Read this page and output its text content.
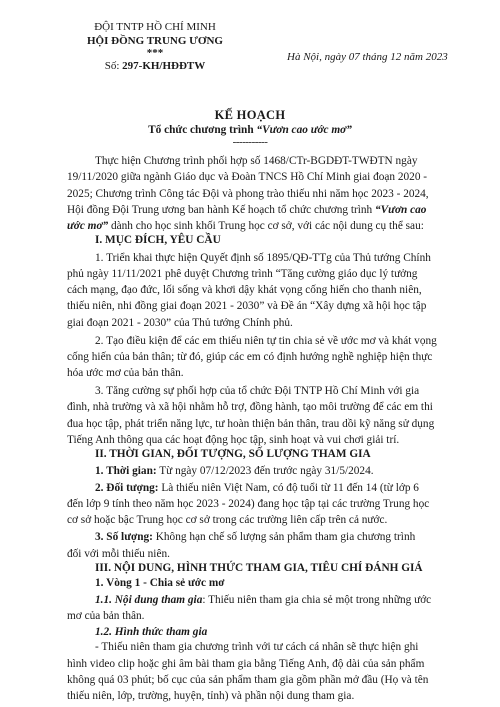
ĐỘI TNTP HỒ CHÍ MINH
HỘI ĐỒNG TRUNG ƯƠNG
***
Số: 297-KH/HĐĐTW
Hà Nội, ngày 07 tháng 12 năm 2023
KẾ HOẠCH
Tổ chức chương trình “Vươn cao ước mơ”
-----------
Thực hiện Chương trình phối hợp số 1468/CTr-BGDĐT-TWĐTN ngày
19/11/2020 giữa ngành Giáo dục và Đoàn TNCS Hồ Chí Minh giai đoạn 2020 -
2025; Chương trình Công tác Đội và phong trào thiếu nhi năm học 2023 - 2024,
Hội đồng Đội Trung ương ban hành Kế hoạch tổ chức chương trình “Vươn cao
ước mơ” dành cho học sinh khối Trung học cơ sở, với các nội dung cụ thể sau:
I. MỤC ĐÍCH, YÊU CẦU
1. Triển khai thực hiện Quyết định số 1895/QĐ-TTg của Thủ tướng Chính
phủ ngày 11/11/2021 phê duyệt Chương trình “Tăng cường giáo dục lý tưởng
cách mạng, đạo đức, lối sống và khơi dậy khát vọng cống hiến cho thanh niên,
thiếu niên, nhi đồng giai đoạn 2021 - 2030” và Đề án “Xây dựng xã hội học tập
giai đoạn 2021 - 2030” của Thủ tướng Chính phủ.
2. Tạo điều kiện để các em thiếu niên tự tin chia sẻ về ước mơ và khát vọng
cống hiến của bản thân; từ đó, giúp các em có định hướng nghề nghiệp hiện thực
hóa ước mơ của bản thân.
3. Tăng cường sự phối hợp của tổ chức Đội TNTP Hồ Chí Minh với gia
đình, nhà trường và xã hội nhằm hỗ trợ, đồng hành, tạo môi trường để các em thi
đua học tập, phát triển năng lực, tư hoàn thiện bản thân, trau dồi kỹ năng sử dụng
Tiếng Anh thông qua các hoạt động học tập, sinh hoạt và vui chơi giải trí.
II. THỜI GIAN, ĐỐI TƯỢNG, SỐ LƯỢNG THAM GIA
1. Thời gian: Từ ngày 07/12/2023 đến trước ngày 31/5/2024.
2. Đối tượng: Là thiếu niên Việt Nam, có độ tuổi từ 11 đến 14 (từ lớp 6
đến lớp 9 tính theo năm học 2023 - 2024) đang học tập tại các trường Trung học
cơ sở hoặc bậc Trung học cơ sở trong các trường liên cấp trên cả nước.
3. Số lượng: Không hạn chế số lượng sản phẩm tham gia chương trình
đối với mỗi thiếu niên.
III. NỘI DUNG, HÌNH THỨC THAM GIA, TIÊU CHÍ ĐÁNH GIÁ
1. Vòng 1 - Chia sẻ ước mơ
1.1. Nội dung tham gia: Thiếu niên tham gia chia sẻ một trong những ước
mơ của bản thân.
1.2. Hình thức tham gia
- Thiếu niên tham gia chương trình với tư cách cá nhân sẽ thực hiện ghi
hình video clip hoặc ghi âm bài tham gia bằng Tiếng Anh, độ dài của sản phẩm
không quá 03 phút; bố cục của sản phẩm tham gia gồm phần mở đầu (Họ và tên
thiếu niên, lớp, trường, huyện, tỉnh) và phần nội dung tham gia.
